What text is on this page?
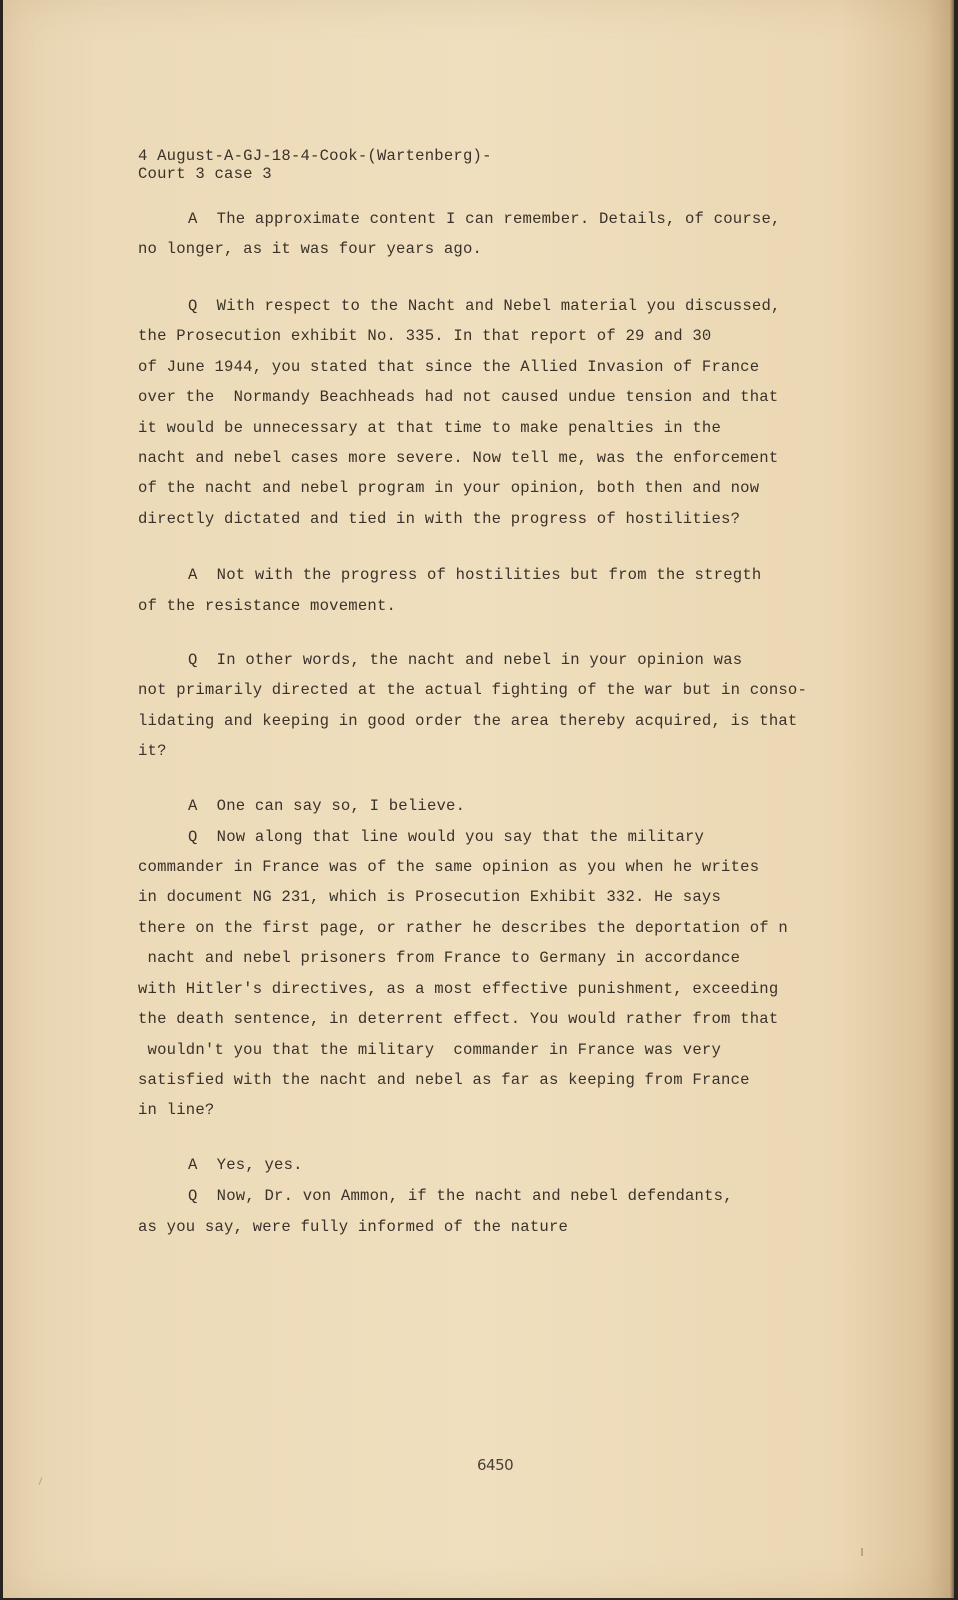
4 August-A-GJ-18-4-Cook-(Wartenberg)-
Court 3 case 3
A  The approximate content I can remember. Details, of course,
no longer, as it was four years ago.
Q  With respect to the Nacht and Nebel material you discussed,
the Prosecution exhibit No. 335. In that report of 29 and 30
of June 1944, you stated that since the Allied Invasion of France
over the  Normandy Beachheads had not caused undue tension and that
it would be unnecessary at that time to make penalties in the
nacht and nebel cases more severe. Now tell me, was the enforcement
of the nacht and nebel program in your opinion, both then and now
directly dictated and tied in with the progress of hostilities?
A  Not with the progress of hostilities but from the stregth
of the resistance movement.
Q  In other words, the nacht and nebel in your opinion was
not primarily directed at the actual fighting of the war but in conso-
lidating and keeping in good order the area thereby acquired, is that
it?
A  One can say so, I believe.
Q  Now along that line would you say that the military
commander in France was of the same opinion as you when he writes
in document NG 231, which is Prosecution Exhibit 332. He says
there on the first page, or rather he describes the deportation of n
nacht and nebel prisoners from France to Germany in accordance
with Hitler's directives, as a most effective punishment, exceeding
the death sentence, in deterrent effect. You would rather from that
wouldn't you that the military  commander in France was very
satisfied with the nacht and nebel as far as keeping from France
in line?
A  Yes, yes.
Q  Now, Dr. von Ammon, if the nacht and nebel defendants,
as you say, were fully informed of the nature
6450
